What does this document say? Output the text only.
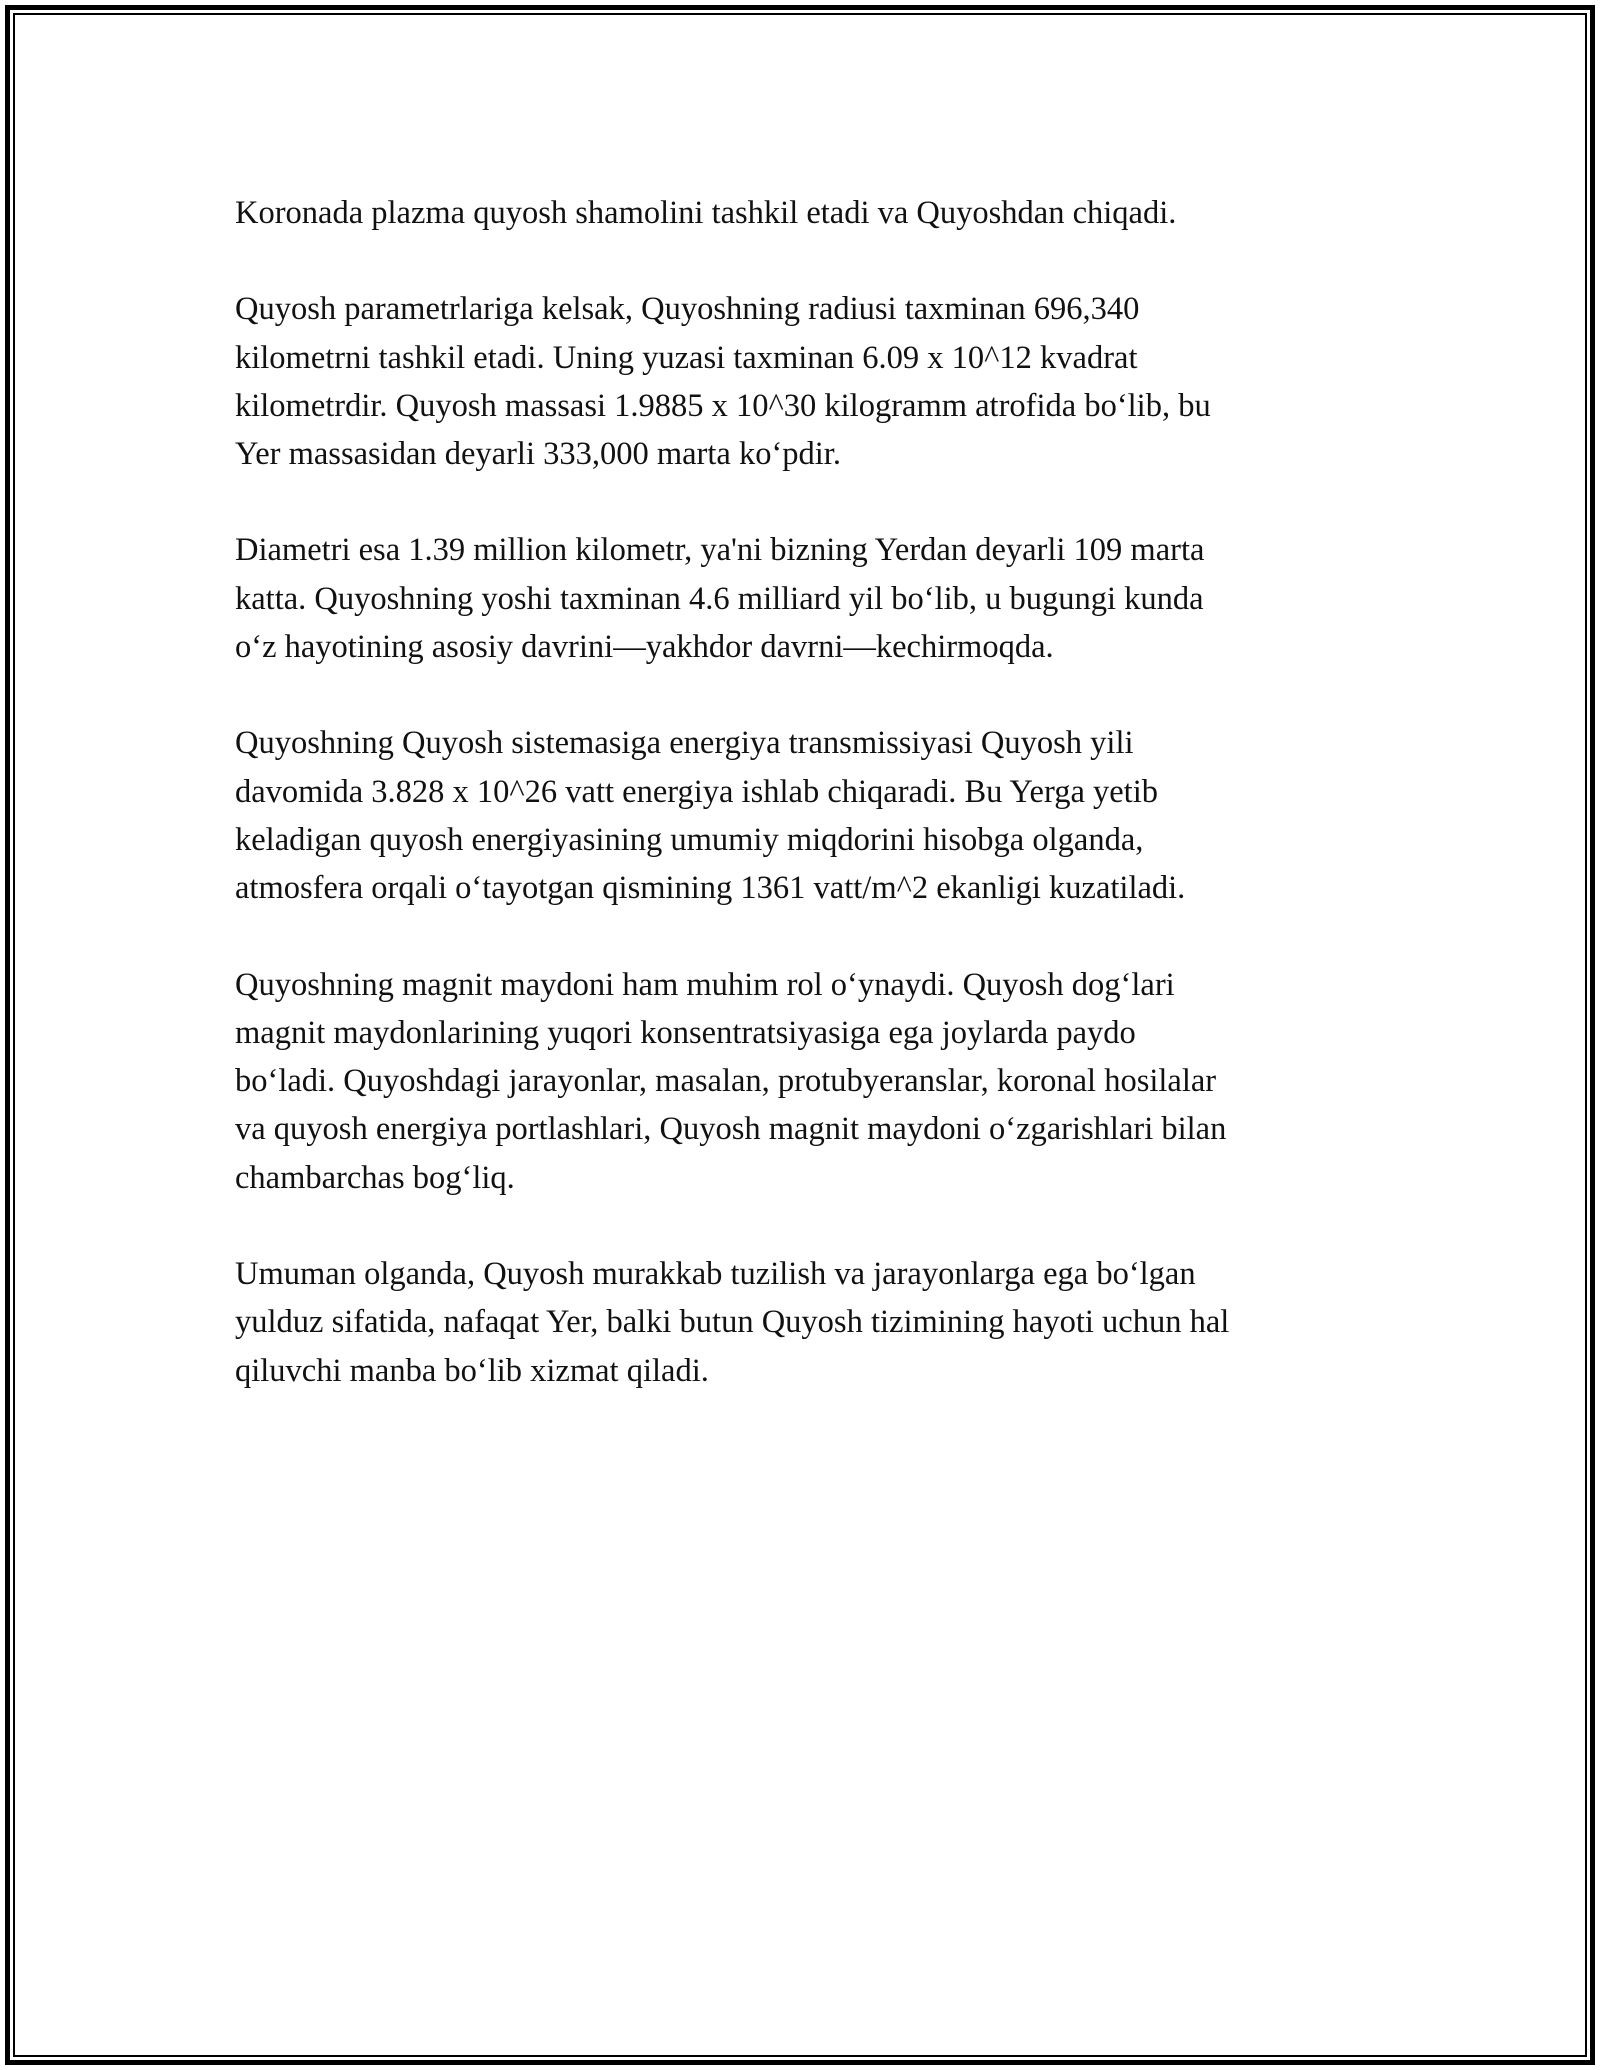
Koronada plazma quyosh shamolini tashkil etadi va Quyoshdan chiqadi.

Quyosh parametrlariga kelsak, Quyoshning radiusi taxminan 696,340
kilometrni tashkil etadi. Uning yuzasi taxminan 6.09 x 10^12 kvadrat
kilometrdir. Quyosh massasi 1.9885 x 10^30 kilogramm atrofida bo‘lib, bu
Yer massasidan deyarli 333,000 marta ko‘pdir.

Diametri esa 1.39 million kilometr, ya'ni bizning Yerdan deyarli 109 marta
katta. Quyoshning yoshi taxminan 4.6 milliard yil bo‘lib, u bugungi kunda
o‘z hayotining asosiy davrini—yakhdor davrni—kechirmoqda.

Quyoshning Quyosh sistemasiga energiya transmissiyasi Quyosh yili
davomida 3.828 x 10^26 vatt energiya ishlab chiqaradi. Bu Yerga yetib
keladigan quyosh energiyasining umumiy miqdorini hisobga olganda,
atmosfera orqali o‘tayotgan qismining 1361 vatt/m^2 ekanligi kuzatiladi.

Quyoshning magnit maydoni ham muhim rol o‘ynaydi. Quyosh dog‘lari
magnit maydonlarining yuqori konsentratsiyasiga ega joylarda paydo
bo‘ladi. Quyoshdagi jarayonlar, masalan, protubyeranslar, koronal hosilalar
va quyosh energiya portlashlari, Quyosh magnit maydoni o‘zgarishlari bilan
chambarchas bog‘liq.

Umuman olganda, Quyosh murakkab tuzilish va jarayonlarga ega bo‘lgan
yulduz sifatida, nafaqat Yer, balki butun Quyosh tizimining hayoti uchun hal
qiluvchi manba bo‘lib xizmat qiladi.
